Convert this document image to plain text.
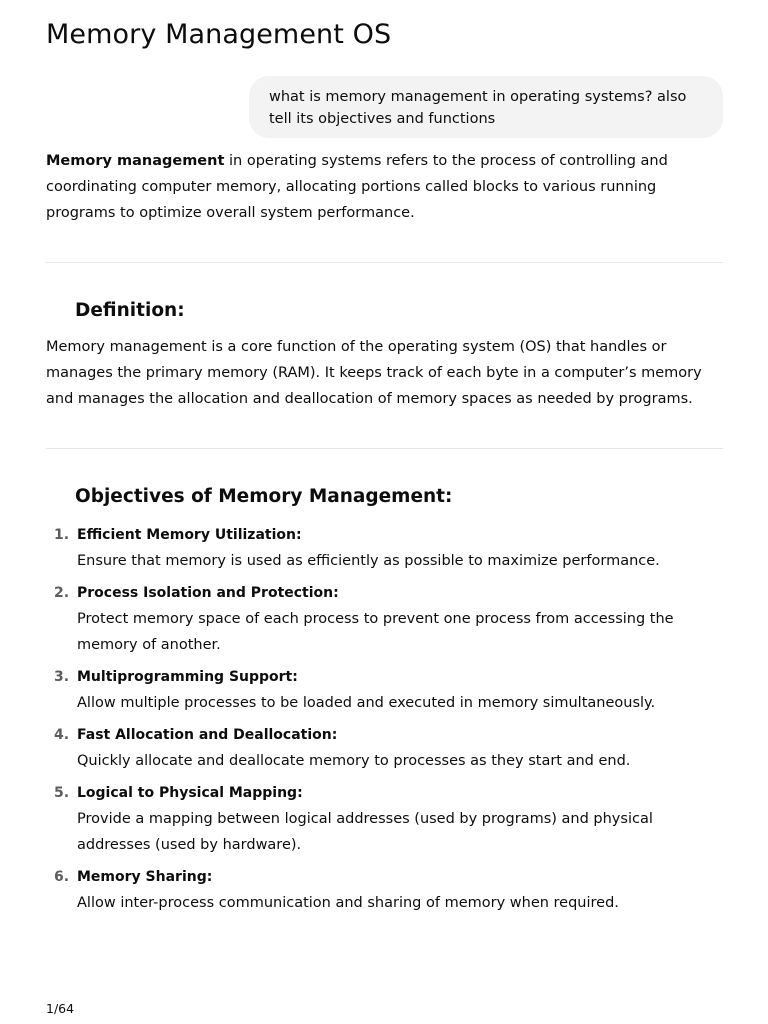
Memory Management OS
what is memory management in operating systems? also tell its objectives and functions

Memory management in operating systems refers to the process of controlling and coordinating computer memory, allocating portions called blocks to various running programs to optimize overall system performance.

Definition:

Memory management is a core function of the operating system (OS) that handles or manages the primary memory (RAM). It keeps track of each byte in a computer’s memory and manages the allocation and deallocation of memory spaces as needed by programs.

Objectives of Memory Management:
1. Efficient Memory Utilization:
Ensure that memory is used as efficiently as possible to maximize performance.
2. Process Isolation and Protection:
Protect memory space of each process to prevent one process from accessing the memory of another.
3. Multiprogramming Support:
Allow multiple processes to be loaded and executed in memory simultaneously.
4. Fast Allocation and Deallocation:
Quickly allocate and deallocate memory to processes as they start and end.
5. Logical to Physical Mapping:
Provide a mapping between logical addresses (used by programs) and physical addresses (used by hardware).
6. Memory Sharing:
Allow inter-process communication and sharing of memory when required.
1/64
